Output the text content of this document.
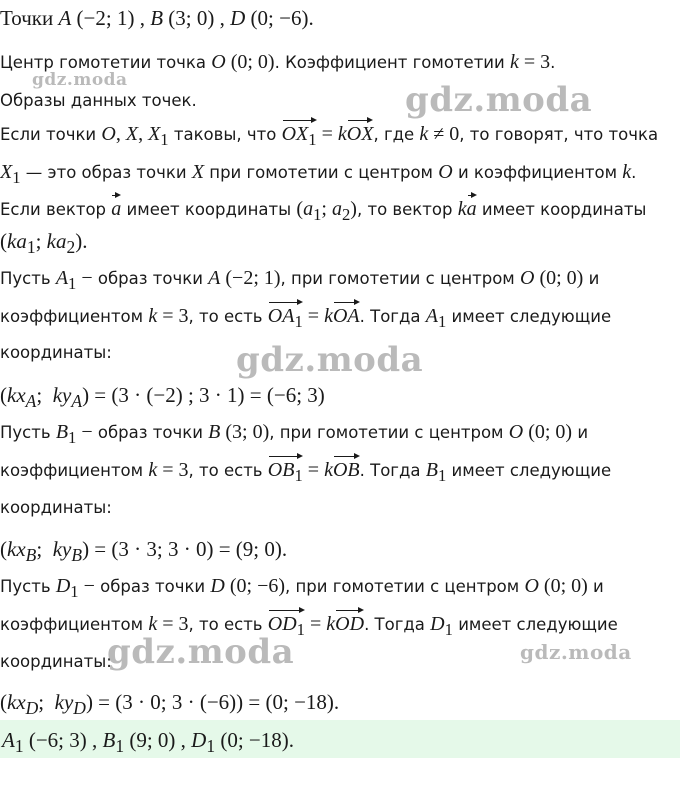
Точки A (−2; 1) , B (3; 0) , D (0; −6).
Центр гомотетии точка O (0; 0). Коэффициент гомотетии k = 3.
Образы данных точек.
Если точки O, X, $X_1$ таковы, что $OX_1$ = kOX, где k ≠ 0, то говорят, что точка
$X_1$ — это образ точки X при гомотетии с центром O и коэффициентом k.
Если вектор a имеет координаты ($a_1$; $a_2$), то вектор ka имеет координаты
($ka_1$; $ka_2$).
Пусть $A_1$ − образ точки A (−2; 1), при гомотетии с центром O (0; 0) и
коэффициентом k = 3, то есть $OA_1$ = kOA. Тогда $A_1$ имеет следующие
координаты:
($kx_A$;  $ky_A) = (3 \cdot (-2)$ ; 3 · 1) = (−6; 3)
Пусть $B_1$ − образ точки B (3; 0), при гомотетии с центром O (0; 0) и
коэффициентом k = 3, то есть $OB_1$ = kOB. Тогда $B_1$ имеет следующие
координаты:
($kx_B$;  $ky_B) = (3 \cdot 3$; 3 · 0) = (9; 0).
Пусть $D_1$ − образ точки D (0; −6), при гомотетии с центром O (0; 0) и
коэффициентом k = 3, то есть $OD_1$ = kOD. Тогда $D_1$ имеет следующие
координаты:
($kx_D$;  $ky_D) = (3 \cdot 0$; 3 · (−6)) = (0; −18).
$A_1$ (−6; 3) , $B_1$ (9; 0) , $D_1$ (0; −18).
gdz.moda	gdz.moda
gdz.moda
gdz.moda	gdz.moda
